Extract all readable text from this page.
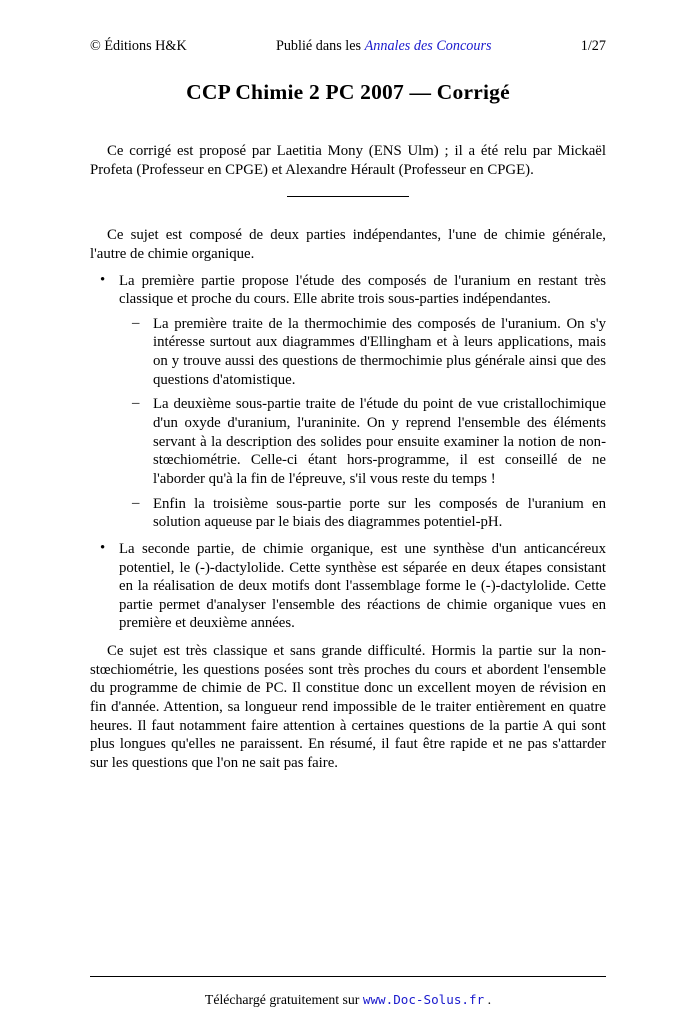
© Éditions H&K	Publié dans les Annales des Concours	1/27
CCP Chimie 2 PC 2007 — Corrigé

Ce corrigé est proposé par Laetitia Mony (ENS Ulm) ; il a été relu par Mickaël Profeta (Professeur en CPGE) et Alexandre Hérault (Professeur en CPGE).

Ce sujet est composé de deux parties indépendantes, l'une de chimie générale, l'autre de chimie organique.

• La première partie propose l'étude des composés de l'uranium en restant très classique et proche du cours. Elle abrite trois sous-parties indépendantes.
– La première traite de la thermochimie des composés de l'uranium. On s'y intéresse surtout aux diagrammes d'Ellingham et à leurs applications, mais on y trouve aussi des questions de thermochimie plus générale ainsi que des questions d'atomistique.
– La deuxième sous-partie traite de l'étude du point de vue cristallochimique d'un oxyde d'uranium, l'uraninite. On y reprend l'ensemble des éléments servant à la description des solides pour ensuite examiner la notion de non-stœchiométrie. Celle-ci étant hors-programme, il est conseillé de ne l'aborder qu'à la fin de l'épreuve, s'il vous reste du temps !
– Enfin la troisième sous-partie porte sur les composés de l'uranium en solution aqueuse par le biais des diagrammes potentiel-pH.
• La seconde partie, de chimie organique, est une synthèse d'un anticancéreux potentiel, le (-)-dactylolide. Cette synthèse est séparée en deux étapes consistant en la réalisation de deux motifs dont l'assemblage forme le (-)-dactylolide. Cette partie permet d'analyser l'ensemble des réactions de chimie organique vues en première et deuxième années.

Ce sujet est très classique et sans grande difficulté. Hormis la partie sur la non-stœchiométrie, les questions posées sont très proches du cours et abordent l'ensemble du programme de chimie de PC. Il constitue donc un excellent moyen de révision en fin d'année. Attention, sa longueur rend impossible de le traiter entièrement en quatre heures. Il faut notamment faire attention à certaines questions de la partie A qui sont plus longues qu'elles ne paraissent. En résumé, il faut être rapide et ne pas s'attarder sur les questions que l'on ne sait pas faire.

Téléchargé gratuitement sur www.Doc-Solus.fr .
